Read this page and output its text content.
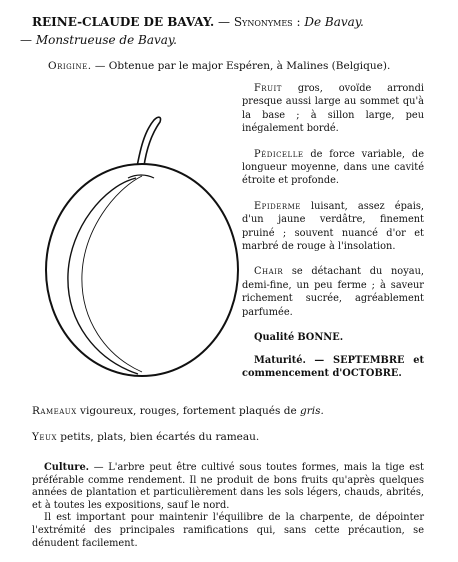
REINE-CLAUDE DE BAVAY. — Synonymes : De Bavay.
— Monstrueuse de Bavay.
Origine. — Obtenue par le major Espéren, à Malines (Belgique).

Fruit gros, ovoïde arrondi presque aussi large au sommet qu'à la base ; à sillon large, peu inégalement bordé.

Pédicelle de force variable, de longueur moyenne, dans une cavité étroite et profonde.

Epiderme luisant, assez épais, d'un jaune verdâtre, finement pruiné ; souvent nuancé d'or et marbré de rouge à l'insolation.

Chair se détachant du noyau, demi-fine, un peu ferme ; à saveur richement sucrée, agréablement parfumée.

Qualité BONNE.

Maturité. — SEPTEMBRE et commencement d'OCTOBRE.

Rameaux vigoureux, rouges, fortement plaqués de gris.
Yeux petits, plats, bien écartés du rameau.

Culture. — L'arbre peut être cultivé sous toutes formes, mais la tige est préférable comme rendement. Il ne produit de bons fruits qu'après quelques années de plantation et particulièrement dans les sols légers, chauds, abrités, et à toutes les expositions, sauf le nord.

Il est important pour maintenir l'équilibre de la charpente, de dépointer l'extrémité des principales ramifications qui, sans cette précaution, se dénudent facilement.
